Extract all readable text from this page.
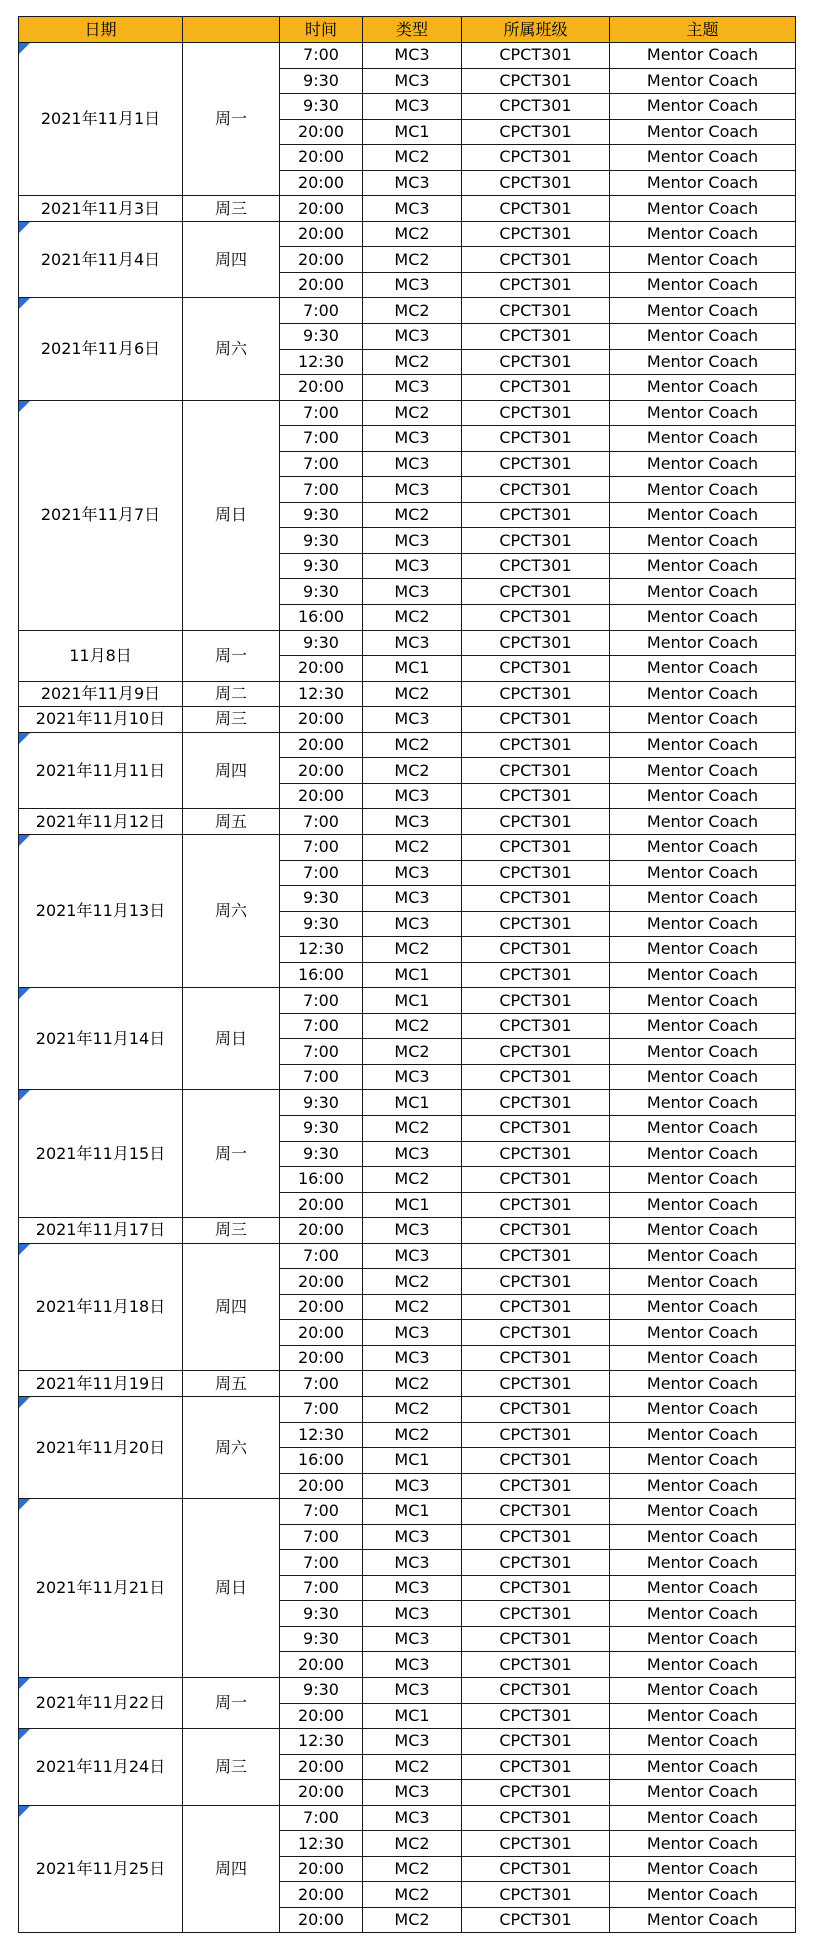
日期		时间	类型	所属班级	主题

2021年11月1日	周一	7:00	MC3	CPCT301	Mentor Coach
		9:30	MC3	CPCT301	Mentor Coach
		9:30	MC3	CPCT301	Mentor Coach
		20:00	MC1	CPCT301	Mentor Coach
		20:00	MC2	CPCT301	Mentor Coach
		20:00	MC3	CPCT301	Mentor Coach
2021年11月3日	周三	20:00	MC3	CPCT301	Mentor Coach

2021年11月4日	周四	20:00	MC2	CPCT301	Mentor Coach
		20:00	MC2	CPCT301	Mentor Coach
		20:00	MC3	CPCT301	Mentor Coach

2021年11月6日	周六	7:00	MC2	CPCT301	Mentor Coach
		9:30	MC3	CPCT301	Mentor Coach
		12:30	MC2	CPCT301	Mentor Coach
		20:00	MC3	CPCT301	Mentor Coach

2021年11月7日	周日	7:00	MC2	CPCT301	Mentor Coach
		7:00	MC3	CPCT301	Mentor Coach
		7:00	MC3	CPCT301	Mentor Coach
		7:00	MC3	CPCT301	Mentor Coach
		9:30	MC2	CPCT301	Mentor Coach
		9:30	MC3	CPCT301	Mentor Coach
		9:30	MC3	CPCT301	Mentor Coach
		9:30	MC3	CPCT301	Mentor Coach
		16:00	MC2	CPCT301	Mentor Coach
11月8日	周一	9:30	MC3	CPCT301	Mentor Coach
		20:00	MC1	CPCT301	Mentor Coach
2021年11月9日	周二	12:30	MC2	CPCT301	Mentor Coach
2021年11月10日	周三	20:00	MC3	CPCT301	Mentor Coach

2021年11月11日	周四	20:00	MC2	CPCT301	Mentor Coach
		20:00	MC2	CPCT301	Mentor Coach
		20:00	MC3	CPCT301	Mentor Coach
2021年11月12日	周五	7:00	MC3	CPCT301	Mentor Coach

2021年11月13日	周六	7:00	MC2	CPCT301	Mentor Coach
		7:00	MC3	CPCT301	Mentor Coach
		9:30	MC3	CPCT301	Mentor Coach
		9:30	MC3	CPCT301	Mentor Coach
		12:30	MC2	CPCT301	Mentor Coach
		16:00	MC1	CPCT301	Mentor Coach

2021年11月14日	周日	7:00	MC1	CPCT301	Mentor Coach
		7:00	MC2	CPCT301	Mentor Coach
		7:00	MC2	CPCT301	Mentor Coach
		7:00	MC3	CPCT301	Mentor Coach

2021年11月15日	周一	9:30	MC1	CPCT301	Mentor Coach
		9:30	MC2	CPCT301	Mentor Coach
		9:30	MC3	CPCT301	Mentor Coach
		16:00	MC2	CPCT301	Mentor Coach
		20:00	MC1	CPCT301	Mentor Coach
2021年11月17日	周三	20:00	MC3	CPCT301	Mentor Coach

2021年11月18日	周四	7:00	MC3	CPCT301	Mentor Coach
		20:00	MC2	CPCT301	Mentor Coach
		20:00	MC2	CPCT301	Mentor Coach
		20:00	MC3	CPCT301	Mentor Coach
		20:00	MC3	CPCT301	Mentor Coach
2021年11月19日	周五	7:00	MC2	CPCT301	Mentor Coach

2021年11月20日	周六	7:00	MC2	CPCT301	Mentor Coach
		12:30	MC2	CPCT301	Mentor Coach
		16:00	MC1	CPCT301	Mentor Coach
		20:00	MC3	CPCT301	Mentor Coach

2021年11月21日	周日	7:00	MC1	CPCT301	Mentor Coach
		7:00	MC3	CPCT301	Mentor Coach
		7:00	MC3	CPCT301	Mentor Coach
		7:00	MC3	CPCT301	Mentor Coach
		9:30	MC3	CPCT301	Mentor Coach
		9:30	MC3	CPCT301	Mentor Coach
		20:00	MC3	CPCT301	Mentor Coach

2021年11月22日	周一	9:30	MC3	CPCT301	Mentor Coach
		20:00	MC1	CPCT301	Mentor Coach

2021年11月24日	周三	12:30	MC3	CPCT301	Mentor Coach
		20:00	MC2	CPCT301	Mentor Coach
		20:00	MC3	CPCT301	Mentor Coach

2021年11月25日	周四	7:00	MC3	CPCT301	Mentor Coach
		12:30	MC2	CPCT301	Mentor Coach
		20:00	MC2	CPCT301	Mentor Coach
		20:00	MC2	CPCT301	Mentor Coach
		20:00	MC2	CPCT301	Mentor Coach
